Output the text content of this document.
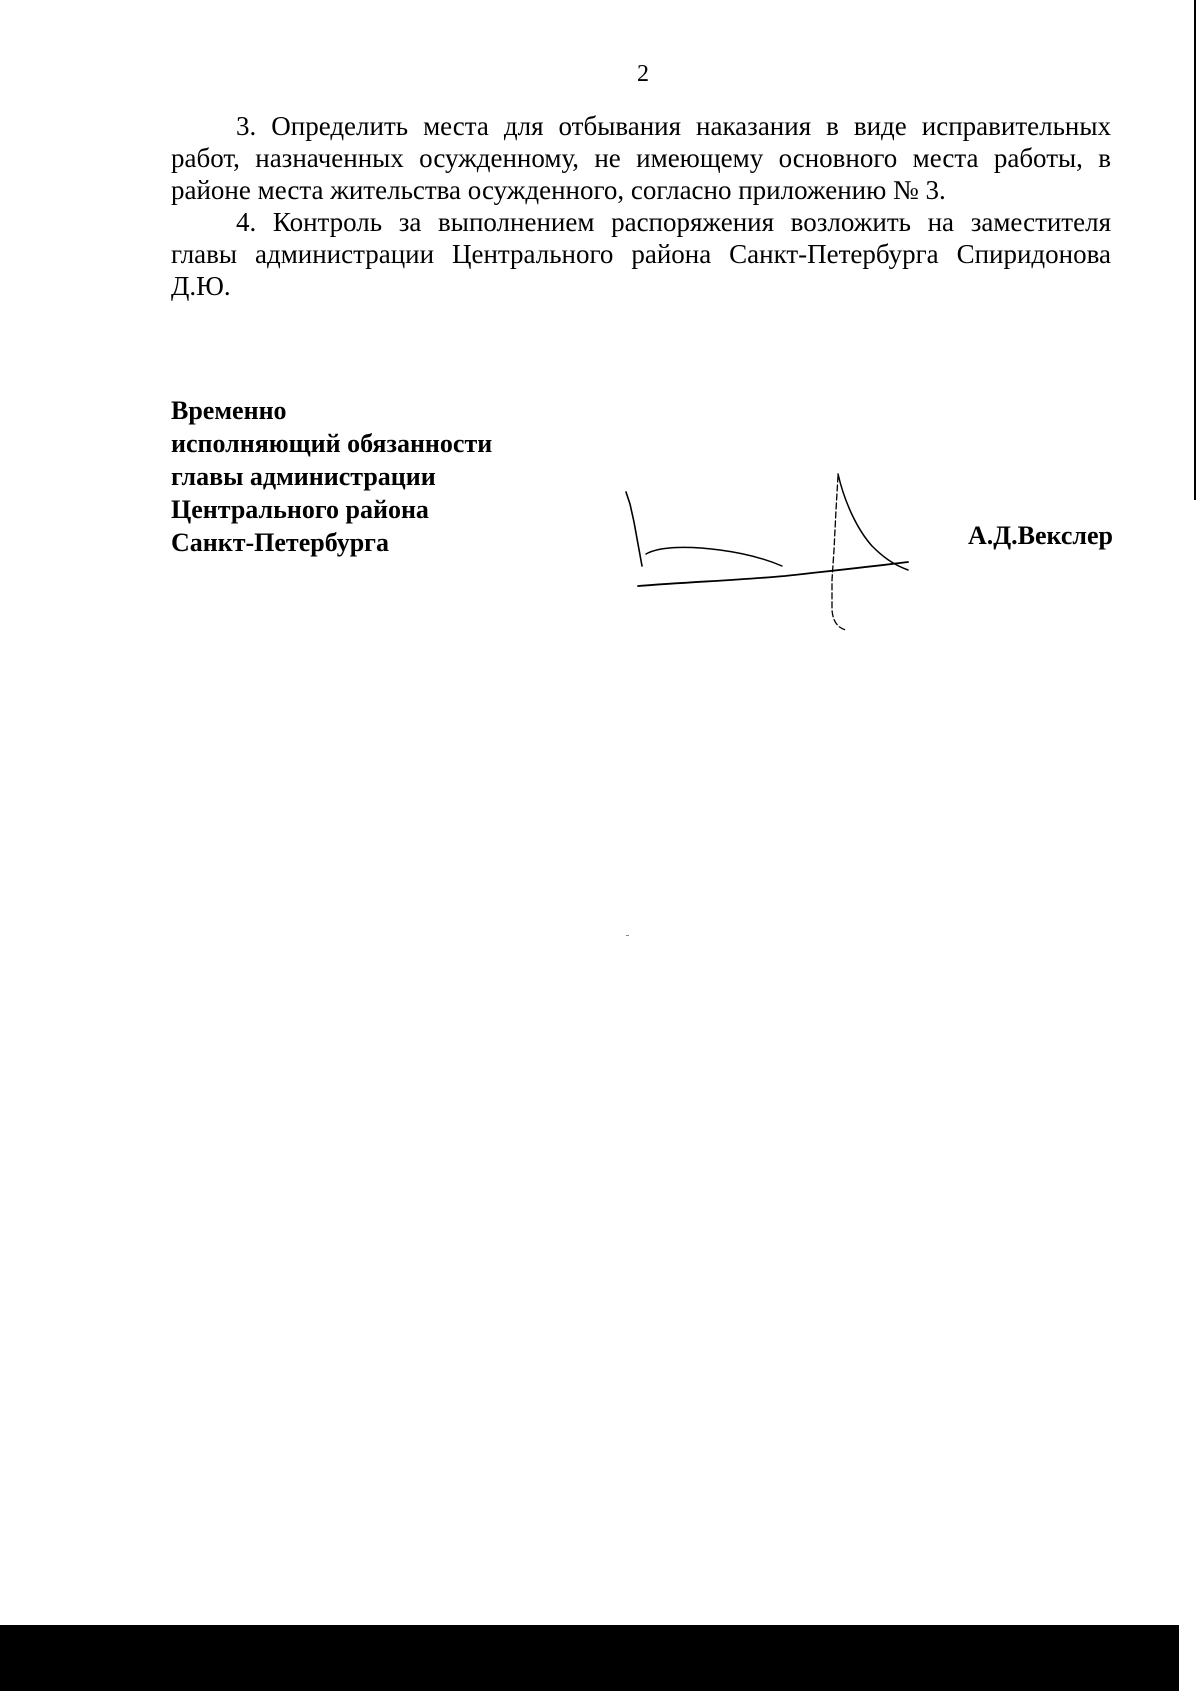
2

3. Определить места для отбывания наказания в виде исправительных работ, назначенных осужденному, не имеющему основного места работы, в районе места жительства осужденного, согласно приложению № 3.

4. Контроль за выполнением распоряжения возложить на заместителя главы администрации Центрального района Санкт-Петербурга Спиридонова Д.Ю.

Временно
исполняющий обязанности
главы администрации
Центрального района
Санкт-Петербурга	А.Д.Векслер
